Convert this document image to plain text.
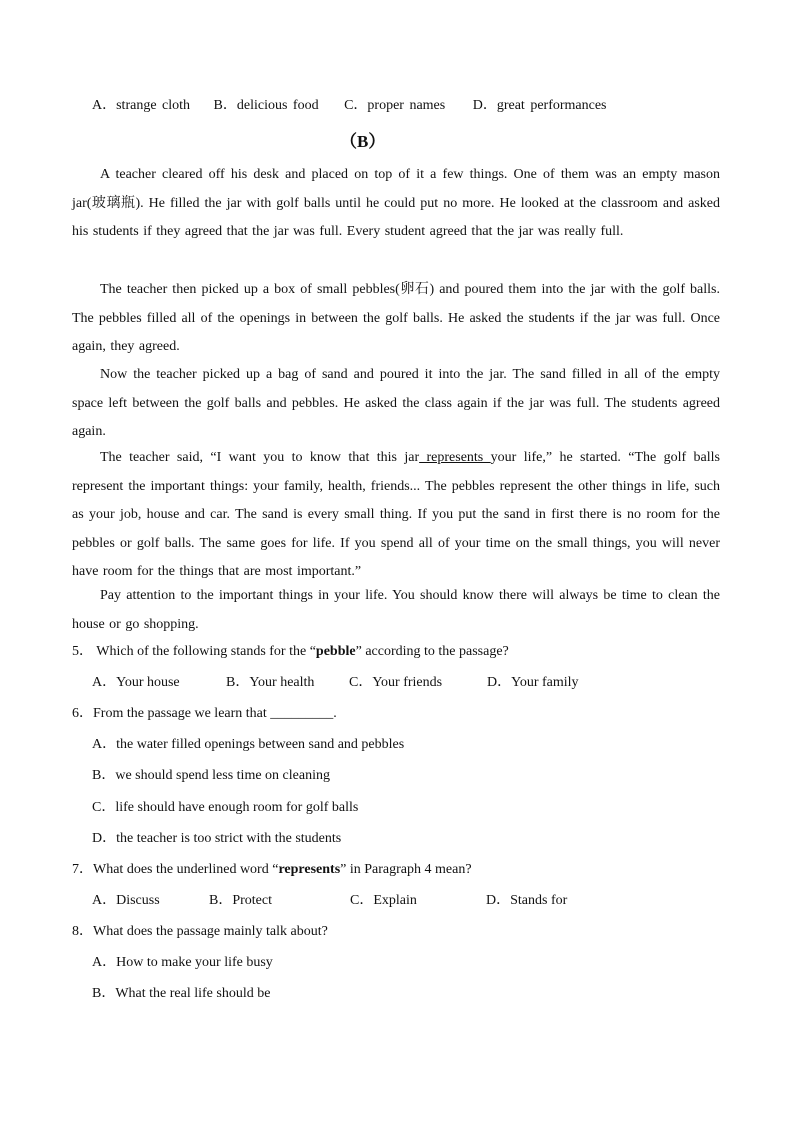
A．strange cloth B．delicious food C．proper names D．great performances
（B）
A teacher cleared off his desk and placed on top of it a few things. One of them was an empty mason jar(玻璃瓶). He filled the jar with golf balls until he could put no more. He looked at the classroom and asked his students if they agreed that the jar was full. Every student agreed that the jar was really full.
The teacher then picked up a box of small pebbles(卵石) and poured them into the jar with the golf balls. The pebbles filled all of the openings in between the golf balls. He asked the students if the jar was full. Once again, they agreed.
Now the teacher picked up a bag of sand and poured it into the jar. The sand filled in all of the empty space left between the golf balls and pebbles. He asked the class again if the jar was full. The students agreed again.
The teacher said, “I want you to know that this jar represents your life,” he started. “The golf balls represent the important things: your family, health, friends... The pebbles represent the other things in life, such as your job, house and car. The sand is every small thing. If you put the sand in first there is no room for the pebbles or golf balls. The same goes for life. If you spend all of your time on the small things, you will never have room for the things that are most important.”
Pay attention to the important things in your life. You should know there will always be time to clean the house or go shopping.
5． Which of the following stands for the “pebble” according to the passage?
A．Your house	B．Your health C．Your friends	D．Your family
6．From the passage we learn that _________.
A．the water filled openings between sand and pebbles
B．we should spend less time on cleaning
C．life should have enough room for golf balls
D．the teacher is too strict with the students
7．What does the underlined word “represents” in Paragraph 4 mean?
A．Discuss	B．Protect	C．Explain	D．Stands for
8．What does the passage mainly talk about?
A．How to make your life busy
B．What the real life should be
